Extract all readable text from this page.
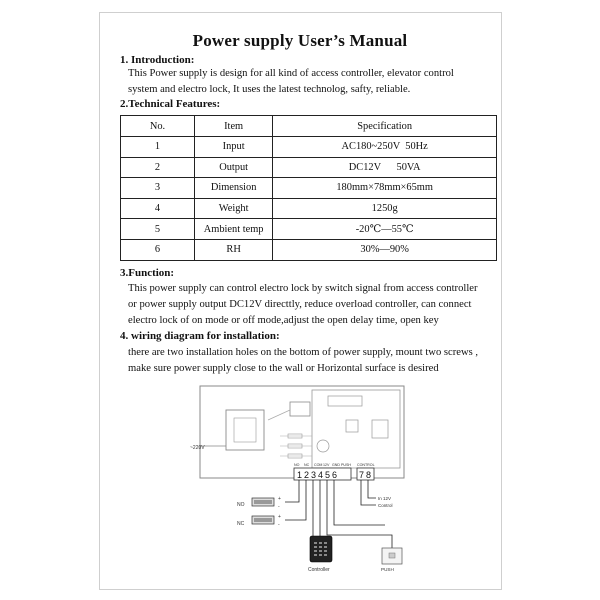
Power supply User’s Manual
1. Introduction:
This Power supply is design for all kind of access controller, elevator control
system and electro lock, It uses the latest technolog, safty, reliable.
2.Technical Features:
No.	Item	Specification
1	Input	AC180~250V  50Hz
2	Output	DC12V      50VA
3	Dimension	180mm×78mm×65mm
4	Weight	1250g
5	Ambient temp	-20℃—55℃
6	RH	30%—90%
3.Function:
This power supply can control electro lock by switch signal from access controller
or power supply output DC12V directtly, reduce overload controller, can connect
electro lock of on mode or off mode,adjust the open delay time, open key
4. wiring diagram for installation:
there are two installation holes on the bottom of power supply, mount two screws ,
make sure power supply close to the wall or Horizontal surface is desired
~220V
NO NC COM 12V GND PUSH CONTROL
1 2 3 4 5 6 7 8
NO
+
-
NC
+
-
In 12V
Control
PUSH
Controller
